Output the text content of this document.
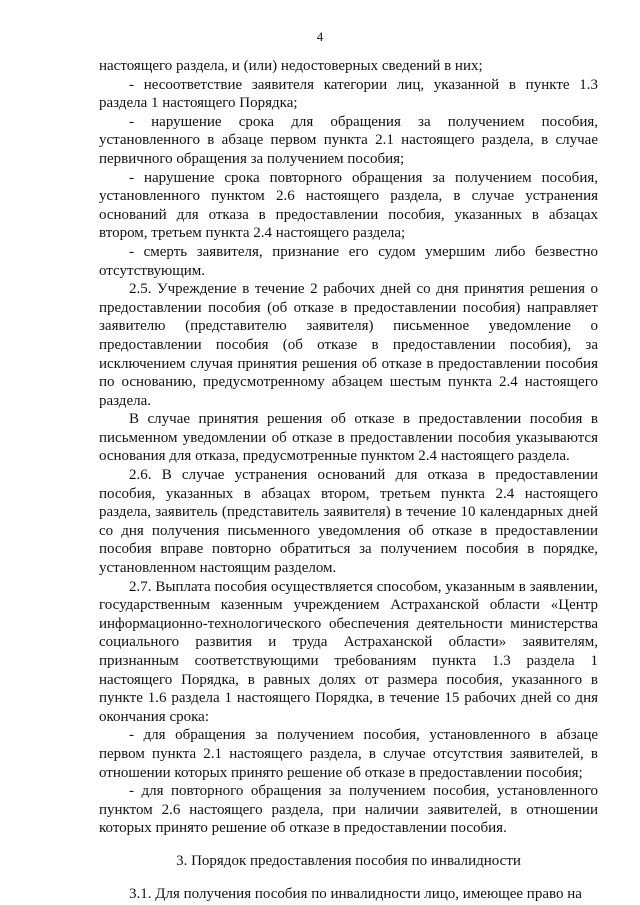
4

настоящего раздела, и (или) недостоверных сведений в них;

- несоответствие заявителя категории лиц, указанной в пункте 1.3 раздела 1 настоящего Порядка;

- нарушение срока для обращения за получением пособия, установленного в абзаце первом пункта 2.1 настоящего раздела, в случае первичного обращения за получением пособия;

- нарушение срока повторного обращения за получением пособия, установленного пунктом 2.6 настоящего раздела, в случае устранения оснований для отказа в предоставлении пособия, указанных в абзацах втором, третьем пункта 2.4 настоящего раздела;

- смерть заявителя, признание его судом умершим либо безвестно отсутствующим.

2.5. Учреждение в течение 2 рабочих дней со дня принятия решения о предоставлении пособия (об отказе в предоставлении пособия) направляет заявителю (представителю заявителя) письменное уведомление о предоставлении пособия (об отказе в предоставлении пособия), за исключением случая принятия решения об отказе в предоставлении пособия по основанию, предусмотренному абзацем шестым пункта 2.4 настоящего раздела.

В случае принятия решения об отказе в предоставлении пособия в письменном уведомлении об отказе в предоставлении пособия указываются основания для отказа, предусмотренные пунктом 2.4 настоящего раздела.

2.6. В случае устранения оснований для отказа в предоставлении пособия, указанных в абзацах втором, третьем пункта 2.4 настоящего раздела, заявитель (представитель заявителя) в течение 10 календарных дней со дня получения письменного уведомления об отказе в предоставлении пособия вправе повторно обратиться за получением пособия в порядке, установленном настоящим разделом.

2.7. Выплата пособия осуществляется способом, указанным в заявлении, государственным казенным учреждением Астраханской области «Центр информационно-технологического обеспечения деятельности министерства социального развития и труда Астраханской области» заявителям, признанным соответствующими требованиям пункта 1.3 раздела 1 настоящего Порядка, в равных долях от размера пособия, указанного в пункте 1.6 раздела 1 настоящего Порядка, в течение 15 рабочих дней со дня окончания срока:

- для обращения за получением пособия, установленного в абзаце первом пункта 2.1 настоящего раздела, в случае отсутствия заявителей, в отношении которых принято решение об отказе в предоставлении пособия;

- для повторного обращения за получением пособия, установленного пунктом 2.6 настоящего раздела, при наличии заявителей, в отношении которых принято решение об отказе в предоставлении пособия.

3. Порядок предоставления пособия по инвалидности

3.1. Для получения пособия по инвалидности лицо, имеющее право на
